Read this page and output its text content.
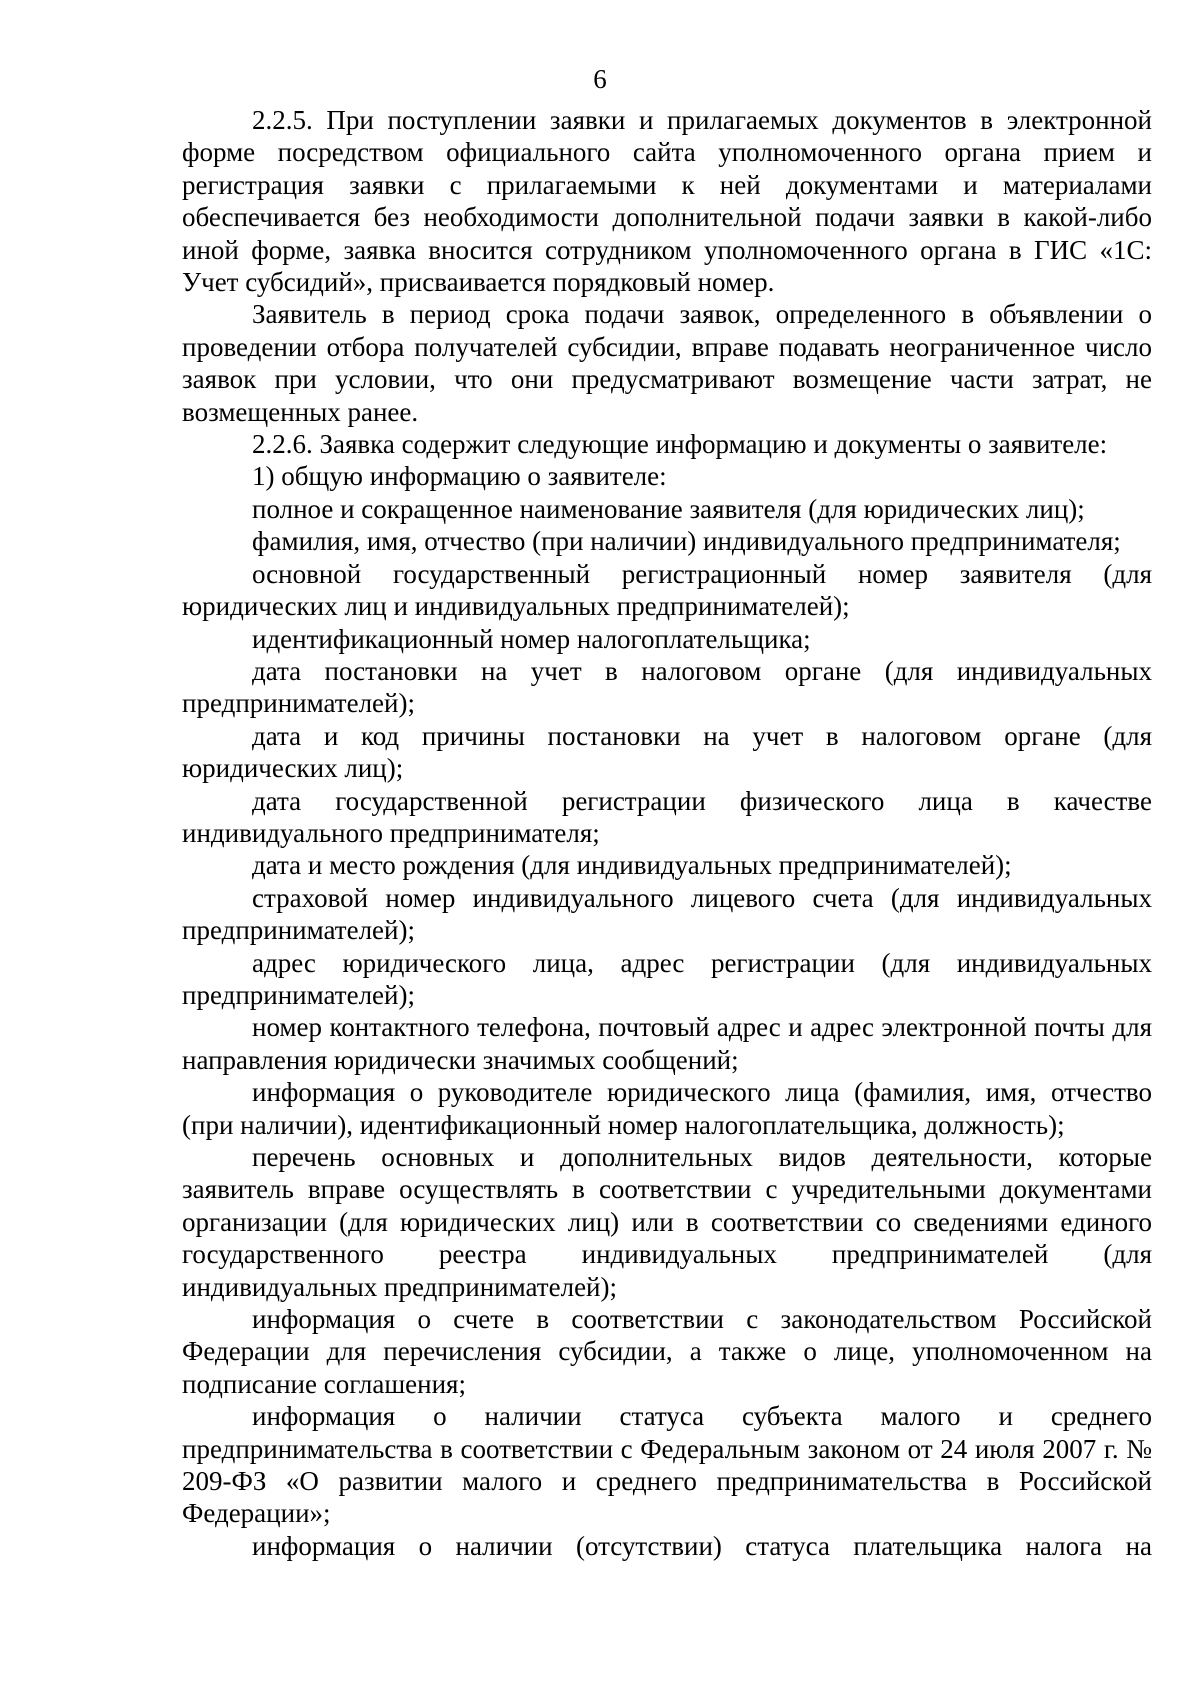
6

2.2.5. При поступлении заявки и прилагаемых документов в электронной форме посредством официального сайта уполномоченного органа прием и регистрация заявки с прилагаемыми к ней документами и материалами обеспечивается без необходимости дополнительной подачи заявки в какой-либо иной форме, заявка вносится сотрудником уполномоченного органа в ГИС «1С: Учет субсидий», присваивается порядковый номер.

Заявитель в период срока подачи заявок, определенного в объявлении о проведении отбора получателей субсидии, вправе подавать неограниченное число заявок при условии, что они предусматривают возмещение части затрат, не возмещенных ранее.

2.2.6. Заявка содержит следующие информацию и документы о заявителе:

1) общую информацию о заявителе:

полное и сокращенное наименование заявителя (для юридических лиц);

фамилия, имя, отчество (при наличии) индивидуального предпринимателя;

основной государственный регистрационный номер заявителя (для юридических лиц и индивидуальных предпринимателей);

идентификационный номер налогоплательщика;

дата постановки на учет в налоговом органе (для индивидуальных предпринимателей);

дата и код причины постановки на учет в налоговом органе (для юридических лиц);

дата государственной регистрации физического лица в качестве индивидуального предпринимателя;

дата и место рождения (для индивидуальных предпринимателей);

страховой номер индивидуального лицевого счета (для индивидуальных предпринимателей);

адрес юридического лица, адрес регистрации (для индивидуальных предпринимателей);

номер контактного телефона, почтовый адрес и адрес электронной почты для направления юридически значимых сообщений;

информация о руководителе юридического лица (фамилия, имя, отчество (при наличии), идентификационный номер налогоплательщика, должность);

перечень основных и дополнительных видов деятельности, которые заявитель вправе осуществлять в соответствии с учредительными документами организации (для юридических лиц) или в соответствии со сведениями единого государственного реестра индивидуальных предпринимателей (для индивидуальных предпринимателей);

информация о счете в соответствии с законодательством Российской Федерации для перечисления субсидии, а также о лице, уполномоченном на подписание соглашения;

информация о наличии статуса субъекта малого и среднего предпринимательства в соответствии с Федеральным законом от 24 июля 2007 г. № 209-ФЗ «О развитии малого и среднего предпринимательства в Российской Федерации»;

информация о наличии (отсутствии) статуса плательщика налога на
